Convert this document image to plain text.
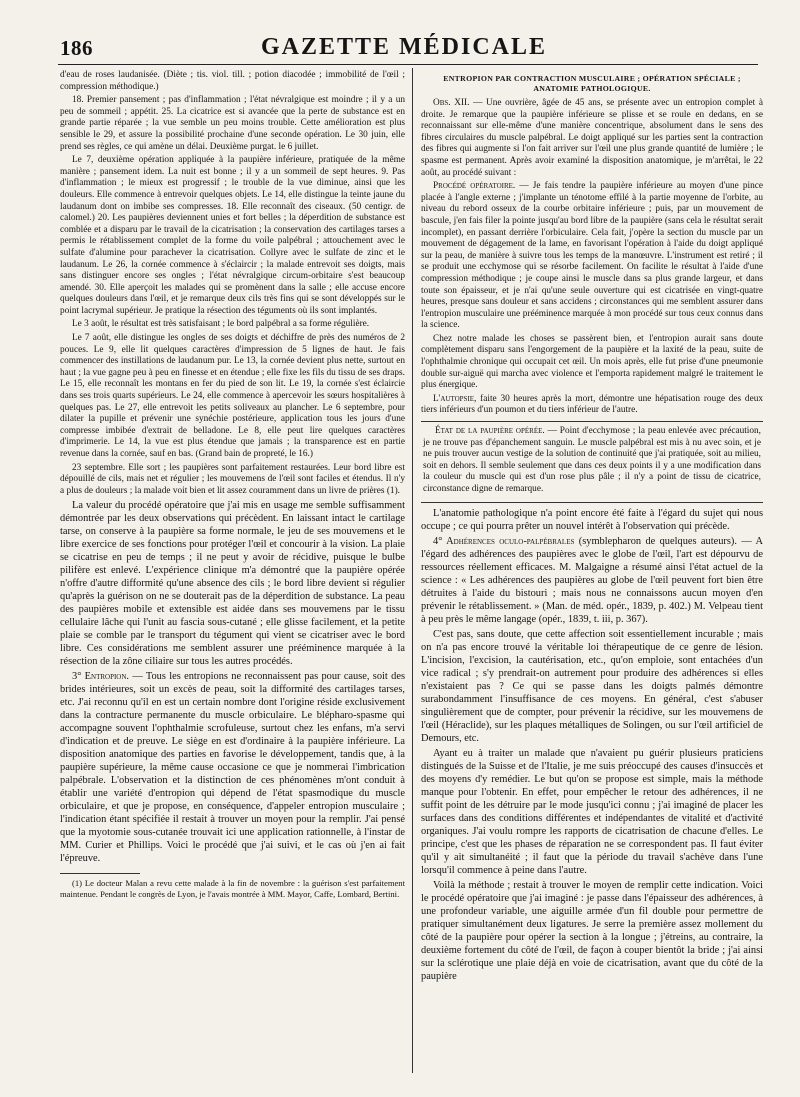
186	GAZETTE MÉDICALE

d'eau de roses laudanisée. (Diète ; tis. viol. till. ; potion diacodée ; immobilité de l'œil ; compression méthodique.)

18. Premier pansement ; pas d'inflammation ; l'état névralgique est moindre ; il y a un peu de sommeil ; appétit. 25. La cicatrice est si avancée que la perte de substance est en grande partie réparée ; la vue semble un peu moins trouble. Cette amélioration est plus sensible le 29, et assure la possibilité prochaine d'une seconde opération. Le 30 juin, elle prend ses règles, ce qui amène un délai. Deuxième purgat. le 6 juillet.

Le 7, deuxième opération appliquée à la paupière inférieure, pratiquée de la même manière ; pansement idem. La nuit est bonne ; il y a un sommeil de sept heures. 9. Pas d'inflammation ; le mieux est progressif ; le trouble de la vue diminue, ainsi que les douleurs. Elle commence à entrevoir quelques objets. Le 14, elle distingue la teinte jaune du laudanum dont on imbibe ses compresses. 18. Elle reconnaît des ciseaux. (50 centigr. de calomel.) 20. Les paupières deviennent unies et fort belles ; la déperdition de substance est comblée et a disparu par le travail de la cicatrisation ; la conservation des cartilages tarses a permis le rétablissement complet de la forme du voile palpébral ; attouchement avec le sulfate d'alumine pour parachever la cicatrisation. Collyre avec le sulfate de zinc et le laudanum. Le 26, la cornée commence à s'éclaircir ; la malade entrevoit ses doigts, mais sans distinguer encore ses ongles ; l'état névralgique circum-orbitaire s'est beaucoup amendé. 30. Elle aperçoit les malades qui se promènent dans la salle ; elle accuse encore quelques douleurs dans l'œil, et je remarque deux cils très fins qui se sont développés sur le point lacrymal supérieur. Je pratique la résection des téguments où ils sont implantés.

Le 3 août, le résultat est très satisfaisant ; le bord palpébral a sa forme régulière.

Le 7 août, elle distingue les ongles de ses doigts et déchiffre de près des numéros de 2 pouces. Le 9, elle lit quelques caractères d'impression de 5 lignes de haut. Je fais commencer des instillations de laudanum pur. Le 13, la cornée devient plus nette, surtout en haut ; la vue gagne peu à peu en finesse et en étendue ; elle fixe les fils du tissu de ses draps. Le 15, elle reconnaît les montans en fer du pied de son lit. Le 19, la cornée s'est éclaircie dans ses trois quarts supérieurs. Le 24, elle commence à apercevoir les sœurs hospitalières à quelques pas. Le 27, elle entrevoit les petits soliveaux au plancher. Le 6 septembre, pour dilater la pupille et prévenir une synéchie postérieure, application tous les jours d'une compresse imbibée d'extrait de belladone. Le 8, elle peut lire quelques caractères d'imprimerie. Le 14, la vue est plus étendue que jamais ; la transparence est en partie revenue dans la cornée, sauf en bas. (Grand bain de propreté, le 16.)

23 septembre. Elle sort ; les paupières sont parfaitement restaurées. Leur bord libre est dépouillé de cils, mais net et régulier ; les mouvemens de l'œil sont faciles et étendus. Il n'y a plus de douleurs ; la malade voit bien et lit assez couramment dans un livre de prières (1).

La valeur du procédé opératoire que j'ai mis en usage me semble suffisamment démontrée par les deux observations qui précèdent. En laissant intact le cartilage tarse, on conserve à la paupière sa forme normale, le jeu de ses mouvemens et le libre exercice de ses fonctions pour protéger l'œil et concourir à la vision. La plaie se cicatrise en peu de temps ; il ne peut y avoir de récidive, puisque le bulbe pilifère est enlevé. L'expérience clinique m'a démontré que la paupière opérée n'offre d'autre difformité qu'une absence des cils ; le bord libre devient si régulier qu'après la guérison on ne se douterait pas de la déperdition de substance. La peau des paupières mobile et extensible est aidée dans ses mouvemens par le tissu cellulaire lâche qui l'unit au fascia sous-cutané ; elle glisse facilement, et la petite plaie se comble par le transport du tégument qui vient se cicatriser avec le bord libre. Ces considérations me semblent assurer une prééminence marquée à la résection de la zône ciliaire sur tous les autres procédés.

3° Entropion. — Tous les entropions ne reconnaissent pas pour cause, soit des brides intérieures, soit un excès de peau, soit la difformité des cartilages tarses, etc. J'ai reconnu qu'il en est un certain nombre dont l'origine réside exclusivement dans la contracture permanente du muscle orbiculaire. Le blépharo-spasme qui accompagne souvent l'ophthalmie scrofuleuse, surtout chez les enfans, m'a servi d'indication et de preuve. Le siège en est d'ordinaire à la paupière inférieure. La disposition anatomique des parties en favorise le développement, tandis que, à la paupière supérieure, la même cause occasione ce que je nommerai l'imbrication palpébrale. L'observation et la distinction de ces phénomènes m'ont conduit à établir une variété d'entropion qui dépend de l'état spasmodique du muscle orbiculaire, et que je propose, en conséquence, d'appeler entropion musculaire ; l'indication étant spécifiée il restait à trouver un moyen pour la remplir. J'ai pensé que la myotomie sous-cutanée trouvait ici une application rationnelle, à l'instar de MM. Curier et Phillips. Voici le procédé que j'ai suivi, et le cas où j'en ai fait l'épreuve.

(1) Le docteur Malan a revu cette malade à la fin de novembre : la guérison s'est parfaitement maintenue. Pendant le congrès de Lyon, je l'avais montrée à MM. Mayor, Caffe, Lombard, Bertini.

ENTROPION PAR CONTRACTION MUSCULAIRE ; OPÉRATION SPÉCIALE ; ANATOMIE PATHOLOGIQUE.

Obs. XII. — Une ouvrière, âgée de 45 ans, se présente avec un entropion complet à droite. Je remarque que la paupière inférieure se plisse et se roule en dedans, en se reconnaissant sur elle-même d'une manière concentrique, absolument dans le sens des fibres circulaires du muscle palpébral. Le doigt appliqué sur les parties sent la contraction des fibres qui augmente si l'on fait arriver sur l'œil une plus grande quantité de lumière ; le spasme est permanent. Après avoir examiné la disposition anatomique, je m'arrêtai, le 22 août, au procédé suivant :

Procédé opératoire. — Je fais tendre la paupière inférieure au moyen d'une pince placée à l'angle externe ; j'implante un ténotome effilé à la partie moyenne de l'orbite, au niveau du rebord osseux de la courbe orbitaire inférieure ; puis, par un mouvement de bascule, j'en fais filer la pointe jusqu'au bord libre de la paupière (sans cela le résultat serait incomplet), en passant derrière l'orbiculaire. Cela fait, j'opère la section du muscle par un mouvement de dégagement de la lame, en favorisant l'opération à l'aide du doigt appliqué sur la peau, de manière à suivre tous les temps de la manœuvre. L'instrument est retiré ; il se produit une ecchymose qui se résorbe facilement. On facilite le résultat à l'aide d'une compression méthodique ; je coupe ainsi le muscle dans sa plus grande largeur, et dans toute son épaisseur, et je n'ai qu'une seule ouverture qui est cicatrisée en vingt-quatre heures, presque sans douleur et sans accidens ; circonstances qui me semblent assurer dans l'entropion musculaire une prééminence marquée à mon procédé sur tous ceux connus dans la science.

Chez notre malade les choses se passèrent bien, et l'entropion aurait sans doute complètement disparu sans l'engorgement de la paupière et la laxité de la peau, suite de l'ophthalmie chronique qui occupait cet œil. Un mois après, elle fut prise d'une pneumonie double sur-aiguë qui marcha avec violence et l'emporta rapidement malgré le traitement le plus énergique.

L'autopsie, faite 30 heures après la mort, démontre une hépatisation rouge des deux tiers inférieurs d'un poumon et du tiers inférieur de l'autre.

État de la paupière opérée. — Point d'ecchymose ; la peau enlevée avec précaution, je ne trouve pas d'épanchement sanguin. Le muscle palpébral est mis à nu avec soin, et je ne puis trouver aucun vestige de la solution de continuité que j'ai pratiquée, soit au milieu, soit en dehors. Il semble seulement que dans ces deux points il y a une modification dans la couleur du muscle qui est d'un rose plus pâle ; il n'y a point de tissu de cicatrice, circonstance digne de remarque.

L'anatomie pathologique n'a point encore été faite à l'égard du sujet qui nous occupe ; ce qui pourra prêter un nouvel intérêt à l'observation qui précède.

4° Adhérences oculo-palpébrales (symblepharon de quelques auteurs). — A l'égard des adhérences des paupières avec le globe de l'œil, l'art est dépourvu de ressources réellement efficaces. M. Malgaigne a résumé ainsi l'état actuel de la science : « Les adhérences des paupières au globe de l'œil peuvent fort bien être détruites à l'aide du bistouri ; mais nous ne connaissons aucun moyen d'en prévenir le rétablissement. » (Man. de méd. opér., 1839, p. 402.) M. Velpeau tient à peu près le même langage (opér., 1839, t. iii, p. 367).

C'est pas, sans doute, que cette affection soit essentiellement incurable ; mais on n'a pas encore trouvé la véritable loi thérapeutique de ce genre de lésion. L'incision, l'excision, la cautérisation, etc., qu'on emploie, sont entachées d'un vice radical ; s'y prendrait-on autrement pour produire des adhérences si elles n'existaient pas ? Ce qui se passe dans les doigts palmés démontre surabondamment l'insuffisance de ces moyens. En général, c'est s'abuser singulièrement que de compter, pour prévenir la récidive, sur les mouvemens de l'œil (Héraclide), sur les plaques métalliques de Solingen, ou sur l'œil artificiel de Demours, etc.

Ayant eu à traiter un malade que n'avaient pu guérir plusieurs praticiens distingués de la Suisse et de l'Italie, je me suis préoccupé des causes d'insuccès et des moyens d'y remédier. Le but qu'on se propose est simple, mais la méthode manque pour l'obtenir. En effet, pour empêcher le retour des adhérences, il ne suffit point de les détruire par le mode jusqu'ici connu ; j'ai imaginé de placer les surfaces dans des conditions différentes et indépendantes de vitalité et d'activité organiques. J'ai voulu rompre les rapports de cicatrisation de chacune d'elles. Le principe, c'est que les phases de réparation ne se correspondent pas. Il faut éviter qu'il y ait simultanéité ; il faut que la période du travail s'achève dans l'une lorsqu'il commence à peine dans l'autre.

Voilà la méthode ; restait à trouver le moyen de remplir cette indication. Voici le procédé opératoire que j'ai imaginé : je passe dans l'épaisseur des adhérences, à une profondeur variable, une aiguille armée d'un fil double pour permettre de pratiquer simultanément deux ligatures. Je serre la première assez mollement du côté de la paupière pour opérer la section à la longue ; j'étreins, au contraire, la deuxième fortement du côté de l'œil, de façon à couper bientôt la bride ; j'ai ainsi sur la sclérotique une plaie déjà en voie de cicatrisation, avant que du côté de la paupière
